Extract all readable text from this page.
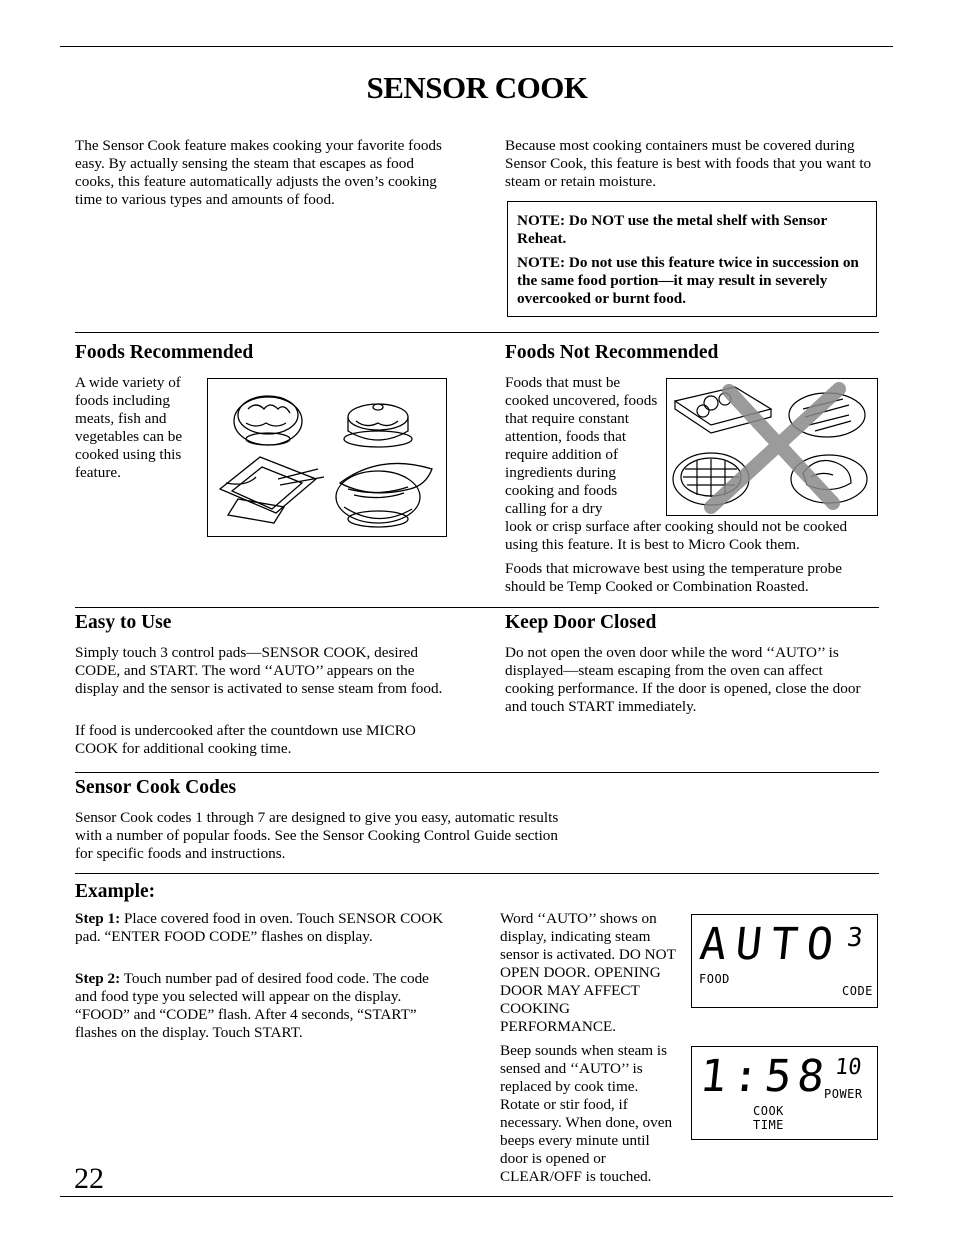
SENSOR COOK

The Sensor Cook feature makes cooking your favorite foods easy. By actually sensing the steam that escapes as food cooks, this feature automatically adjusts the oven’s cooking time to various types and amounts of food.

Because most cooking containers must be covered during Sensor Cook, this feature is best with foods that you want to steam or retain moisture.

NOTE: Do NOT use the metal shelf with Sensor Reheat.

NOTE: Do not use this feature twice in succession on the same food portion—it may result in severely overcooked or burnt food.

Foods Recommended

A wide variety of foods including meats, fish and vegetables can be cooked using this feature.

Foods Not Recommended

Foods that must be cooked uncovered, foods that require constant attention, foods that require addition of ingredients during cooking and foods calling for a dry

look or crisp surface after cooking should not be cooked using this feature. It is best to Micro Cook them.

Foods that microwave best using the temperature probe should be Temp Cooked or Combination Roasted.

Easy to Use

Simply touch 3 control pads—SENSOR COOK, desired CODE, and START. The word ‘‘AUTO’’ appears on the display and the sensor is activated to sense steam from food.

If food is undercooked after the countdown use MICRO COOK for additional cooking time.

Keep Door Closed

Do not open the oven door while the word ‘‘AUTO’’ is displayed—steam escaping from the oven can affect cooking performance. If the door is opened, close the door and touch START immediately.

Sensor Cook Codes

Sensor Cook codes 1 through 7 are designed to give you easy, automatic results with a number of popular foods. See the Sensor Cooking Control Guide section for specific foods and instructions.

Example:

Step 1: Place covered food in oven. Touch SENSOR COOK pad. “ENTER FOOD CODE” flashes on display.

Step 2: Touch number pad of desired food code. The code and food type you selected will appear on the display. “FOOD” and “CODE” flash. After 4 seconds, “START” flashes on the display. Touch START.

Word ‘‘AUTO’’ shows on display, indicating steam sensor is activated. DO NOT OPEN DOOR. OPENING DOOR MAY AFFECT COOKING PERFORMANCE.

Beep sounds when steam is sensed and ‘‘AUTO’’ is replaced by cook time. Rotate or stir food, if necessary. When done, oven beeps every minute until door is opened or CLEAR/OFF is touched.

AUTO 3
FOOD
CODE
1:58 10
POWER
COOK
TIME
22
